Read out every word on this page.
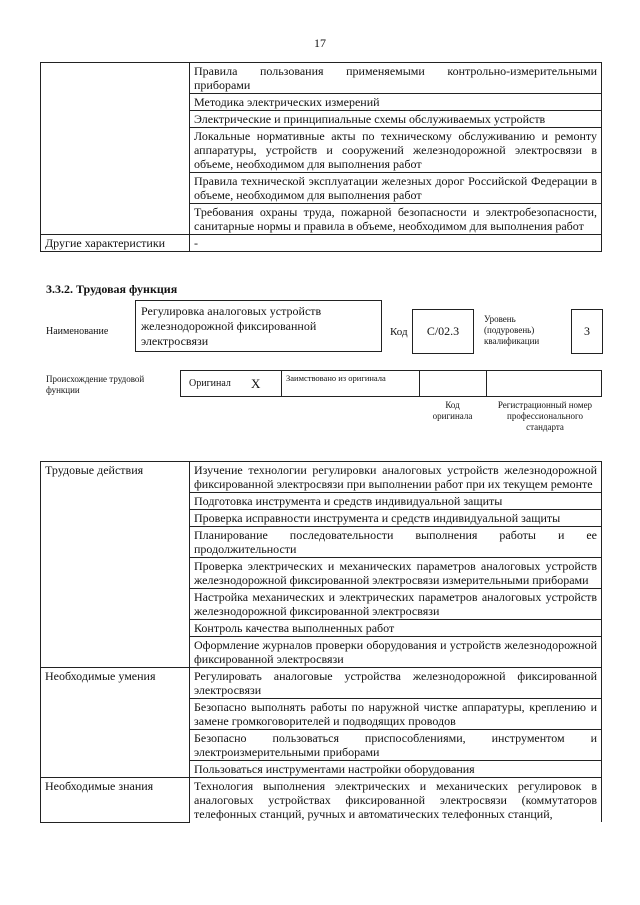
17
	Правила пользования применяемыми контрольно-измерительными приборами
	Методика электрических измерений
	Электрические и принципиальные схемы обслуживаемых устройств
	Локальные нормативные акты по техническому обслуживанию и ремонту аппаратуры, устройств и сооружений железнодорожной электросвязи в объеме, необходимом для выполнения работ
	Правила технической эксплуатации железных дорог Российской Федерации в объеме, необходимом для выполнения работ
	Требования охраны труда, пожарной безопасности и электробезопасности, санитарные нормы и правила в объеме, необходимом для выполнения работ
Другие характеристики	-
3.3.2. Трудовая функция
Наименование
Регулировка аналоговых устройств железнодорожной фиксированной электросвязи
Код	C/02.3
Уровень (подуровень) квалификации
3
Происхождение трудовой функции
Оригинал X	Заимствовано из оригинала
Код оригинала
Регистрационный номер профессионального стандарта
Трудовые действия	Изучение технологии регулировки аналоговых устройств железнодорожной фиксированной электросвязи при выполнении работ при их текущем ремонте
	Подготовка инструмента и средств индивидуальной защиты
	Проверка исправности инструмента и средств индивидуальной защиты
	Планирование последовательности выполнения работы и ее продолжительности
	Проверка электрических и механических параметров аналоговых устройств железнодорожной фиксированной электросвязи измерительными приборами
	Настройка механических и электрических параметров аналоговых устройств железнодорожной фиксированной электросвязи
	Контроль качества выполненных работ
	Оформление журналов проверки оборудования и устройств железнодорожной фиксированной электросвязи
Необходимые умения	Регулировать аналоговые устройства железнодорожной фиксированной электросвязи
	Безопасно выполнять работы по наружной чистке аппаратуры, креплению и замене громкоговорителей и подводящих проводов
	Безопасно пользоваться приспособлениями, инструментом и электроизмерительными приборами
	Пользоваться инструментами настройки оборудования
Необходимые знания	Технология выполнения электрических и механических регулировок в аналоговых устройствах фиксированной электросвязи (коммутаторов телефонных станций, ручных и автоматических телефонных станций,
